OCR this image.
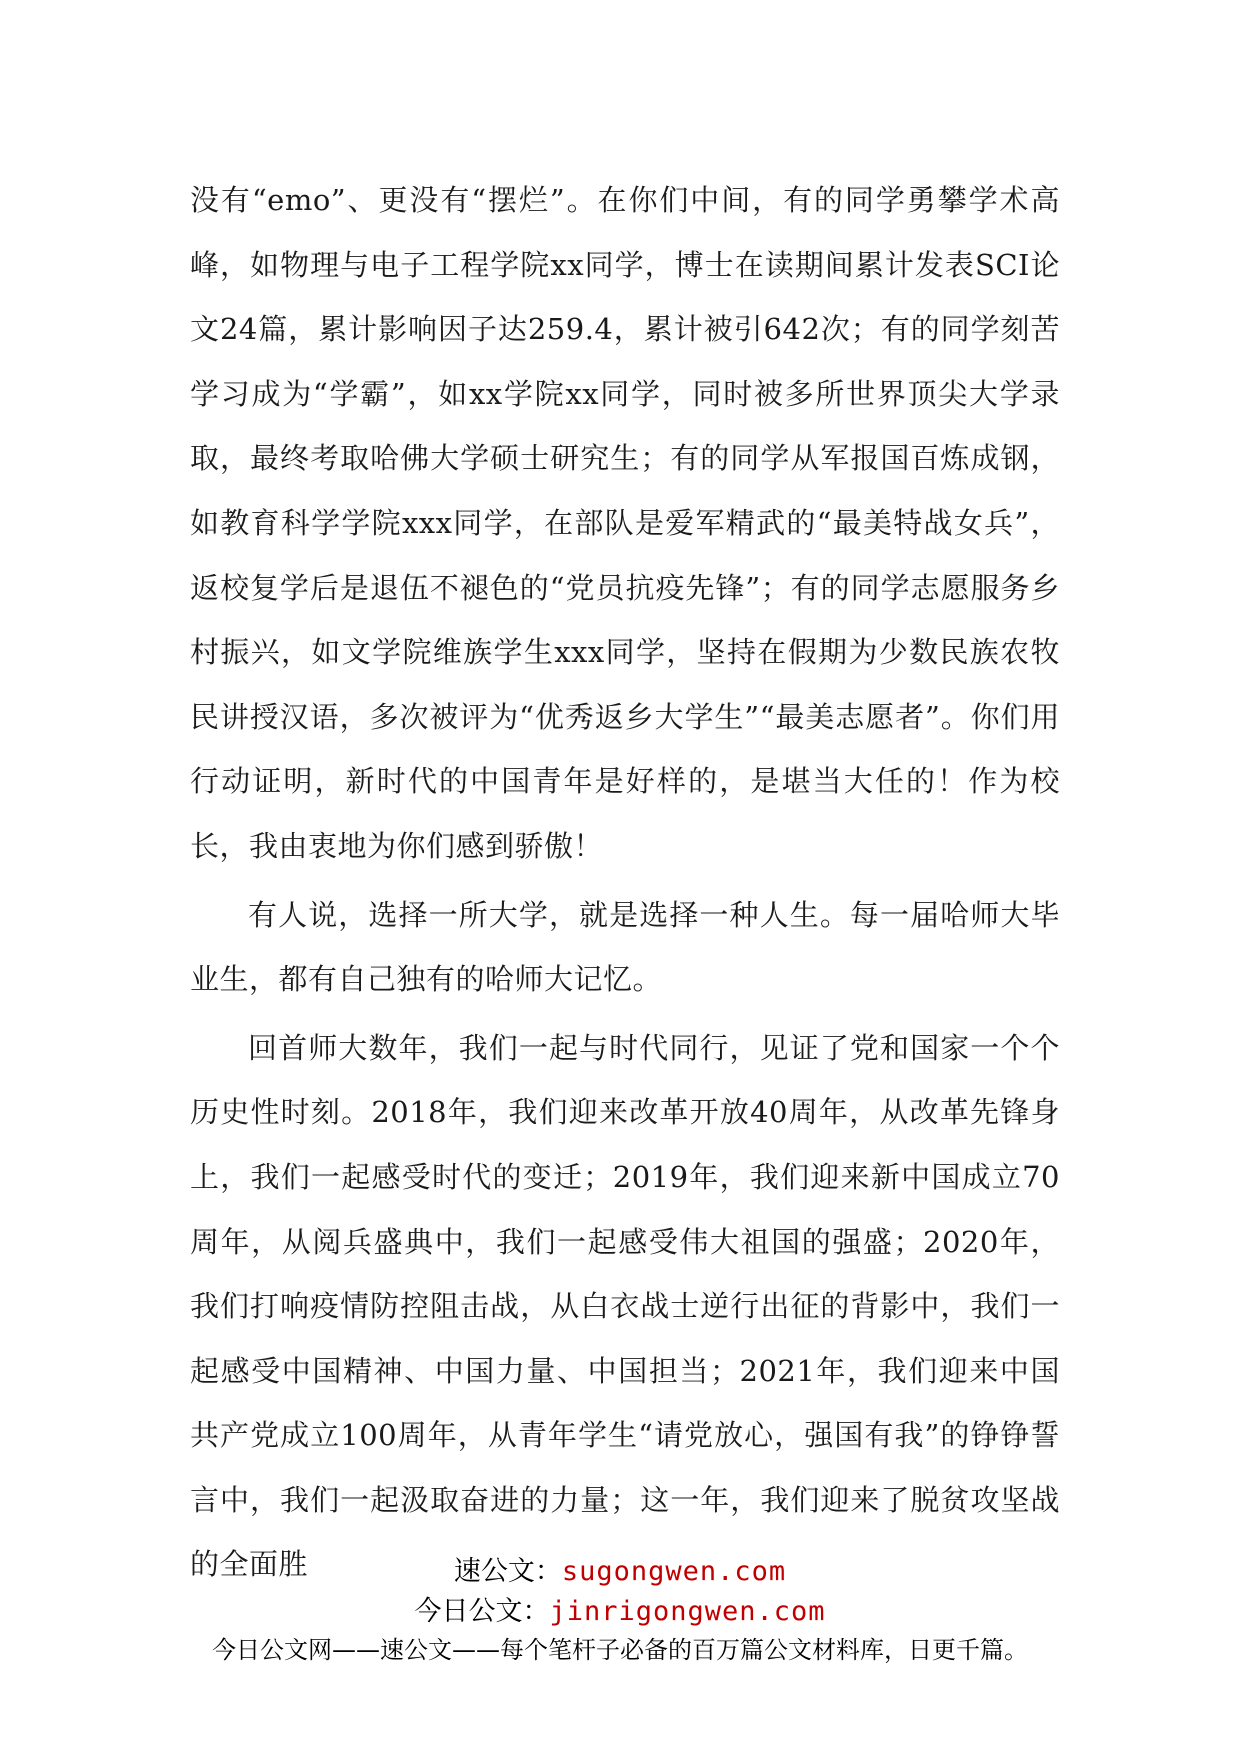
没有“emo”、更没有“摆烂”。在你们中间，有的同学勇攀学术高峰，如物理与电子工程学院xx同学，博士在读期间累计发表SCI论文24篇，累计影响因子达259.4，累计被引642次；有的同学刻苦学习成为“学霸”，如xx学院xx同学，同时被多所世界顶尖大学录取，最终考取哈佛大学硕士研究生；有的同学从军报国百炼成钢，如教育科学学院xxx同学，在部队是爱军精武的“最美特战女兵”，返校复学后是退伍不褪色的“党员抗疫先锋”；有的同学志愿服务乡村振兴，如文学院维族学生xxx同学，坚持在假期为少数民族农牧民讲授汉语，多次被评为“优秀返乡大学生”“最美志愿者”。你们用行动证明，新时代的中国青年是好样的，是堪当大任的！作为校长，我由衷地为你们感到骄傲！

有人说，选择一所大学，就是选择一种人生。每一届哈师大毕业生，都有自己独有的哈师大记忆。

回首师大数年，我们一起与时代同行，见证了党和国家一个个历史性时刻。2018年，我们迎来改革开放40周年，从改革先锋身上，我们一起感受时代的变迁；2019年，我们迎来新中国成立70周年，从阅兵盛典中，我们一起感受伟大祖国的强盛；2020年，我们打响疫情防控阻击战，从白衣战士逆行出征的背影中，我们一起感受中国精神、中国力量、中国担当；2021年，我们迎来中国共产党成立100周年，从青年学生“请党放心，强国有我”的铮铮誓言中，我们一起汲取奋进的力量；这一年，我们迎来了脱贫攻坚战的全面胜	速公文：sugongwen.com
今日公文：jinrigongwen.com
今日公文网——速公文——每个笔杆子必备的百万篇公文材料库，日更千篇。
